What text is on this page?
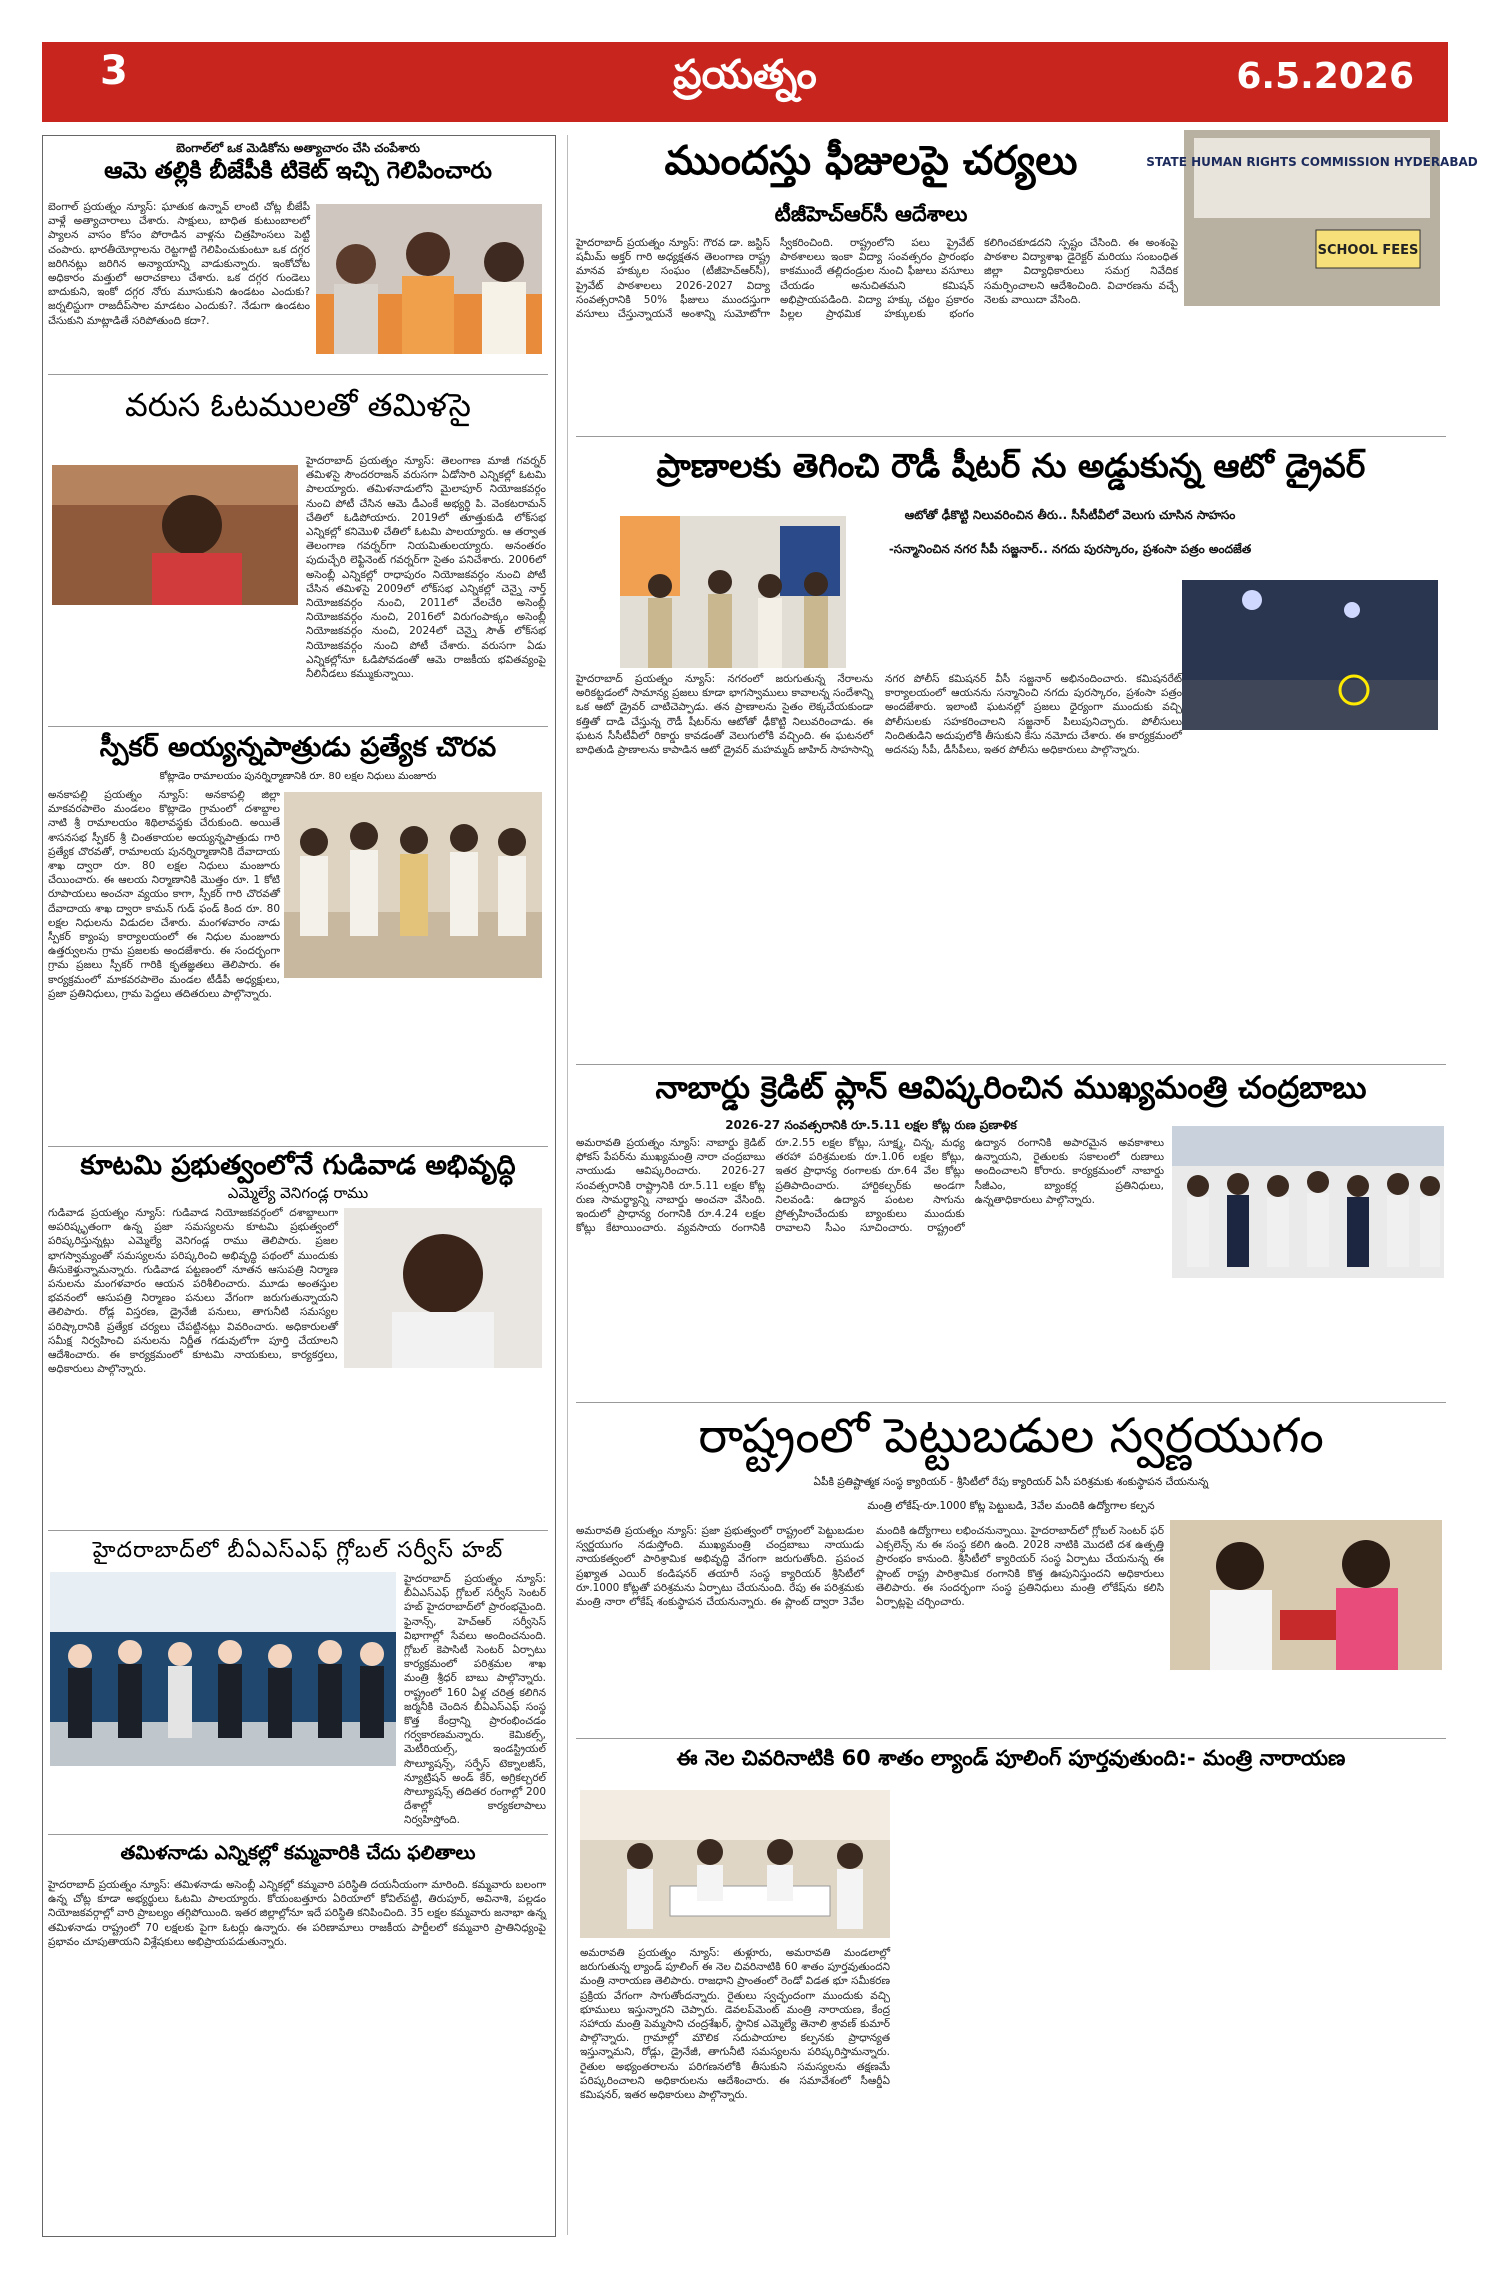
3	ప్రయత్నం	6.5.2026
బెంగాల్‌లో ఒక మెడికోను అత్యాచారం చేసి చంపేశారు
ఆమె తల్లికి బీజేపీకి టికెట్ ఇచ్చి గెలిపించారు
బెంగాల్ ప్రయత్నం న్యూస్: ఘాతుక ఉన్నావ్ లాంటి చోట్ల బీజేపీ వాళ్లే అత్యాచారాలు చేశారు. సాక్షులు, బాధిత కుటుంబాలలో ప్యాలన వాసం కోసం పోరాడిన వాళ్లను చిత్రహింసలు పెట్టి చంపారు. భారతీయోర్గాలను రెట్టగాట్టి గెలిపించుకుంటూ ఒక దగ్గర జరిగినట్లు జరిగిన అన్యాయాన్ని వాడుకున్నారు. ఇంకోచోట అధికారం మత్తులో అరాచకాలు చేశారు. ఒక దగ్గర గుండెలు బాదుకుని, ఇంకో దగ్గర నోరు మూసుకుని ఉండటం ఎందుకు? జర్నలిస్టుగా రాజదీప్‌సాల మాడటం ఎందుకు?. నేడుగా ఉండటం చేసుకుని మాట్లాడితే సరిపోతుంది కదా?.
వరుస ఓటములతో తమిళసై
హైదరాబాద్ ప్రయత్నం న్యూస్: తెలంగాణ మాజీ గవర్నర్ తమిళసై సౌందరరాజన్ వరుసగా ఏడోసారి ఎన్నికల్లో ఓటమి పాలయ్యారు. తమిళనాడులోని మైలాపూర్ నియోజకవర్గం నుంచి పోటీ చేసిన ఆమె డీఎంకే అభ్యర్థి పి. వెంకటరామన్ చేతిలో ఓడిపోయారు. 2019లో తూత్తుకుడి లోక్‌సభ ఎన్నికల్లో కనిమొళి చేతిలో ఓటమి పాలయ్యారు. ఆ తర్వాత తెలంగాణ గవర్నర్‌గా నియమితులయ్యారు. అనంతరం పుదుచ్చేరి లెఫ్టినెంట్ గవర్నర్‌గా సైతం పనిచేశారు. 2006లో అసెంబ్లీ ఎన్నికల్లో రాధాపురం నియోజకవర్గం నుంచి పోటీ చేసిన తమిళసై 2009లో లోక్‌సభ ఎన్నికల్లో చెన్నై నార్త్ నియోజకవర్గం నుంచి, 2011లో వేలచేరి అసెంబ్లీ నియోజకవర్గం నుంచి, 2016లో విరుగంపాక్కం అసెంబ్లీ నియోజకవర్గం నుంచి, 2024లో చెన్నై సౌత్ లోక్‌సభ నియోజకవర్గం నుంచి పోటీ చేశారు. వరుసగా ఏడు ఎన్నికల్లోనూ ఓడిపోవడంతో ఆమె రాజకీయ భవితవ్యంపై నీలినీడలు కమ్ముకున్నాయి.
స్పీకర్ అయ్యన్నపాత్రుడు ప్రత్యేక చొరవ
కోట్లాడెం రామాలయం పునర్నిర్మాణానికి రూ. 80 లక్షల నిధులు మంజూరు
అనకాపల్లి ప్రయత్నం న్యూస్: అనకాపల్లి జిల్లా మాకవరపాలెం మండలం కొట్లాడెం గ్రామంలో దశాబ్దాల నాటి శ్రీ రామాలయం శిథిలావస్థకు చేరుకుంది. అయితే శాసనసభ స్పీకర్ శ్రీ చింతకాయల అయ్యన్నపాత్రుడు గారి ప్రత్యేక చొరవతో, రామాలయ పునర్నిర్మాణానికి దేవాదాయ శాఖ ద్వారా రూ. 80 లక్షల నిధులు మంజూరు చేయించారు. ఈ ఆలయ నిర్మాణానికి మొత్తం రూ. 1 కోటి రూపాయలు అంచనా వ్యయం కాగా, స్పీకర్ గారి చొరవతో దేవాదాయ శాఖ ద్వారా కామన్ గుడ్ ఫండ్ కింద రూ. 80 లక్షల నిధులను విడుదల చేశారు. మంగళవారం నాడు స్పీకర్ క్యాంపు కార్యాలయంలో ఈ నిధుల మంజూరు ఉత్తర్వులను గ్రామ ప్రజలకు అందజేశారు. ఈ సందర్భంగా గ్రామ ప్రజలు స్పీకర్ గారికి కృతజ్ఞతలు తెలిపారు. ఈ కార్యక్రమంలో మాకవరపాలెం మండల టీడీపీ అధ్యక్షులు, ప్రజా ప్రతినిధులు, గ్రామ పెద్దలు తదితరులు పాల్గొన్నారు.
కూటమి ప్రభుత్వంలోనే గుడివాడ అభివృద్ధి
ఎమ్మెల్యే వెనిగండ్ల రాము
గుడివాడ ప్రయత్నం న్యూస్: గుడివాడ నియోజకవర్గంలో దశాబ్దాలుగా అపరిష్కృతంగా ఉన్న ప్రజా సమస్యలను కూటమి ప్రభుత్వంలో పరిష్కరిస్తున్నట్లు ఎమ్మెల్యే వెనిగండ్ల రాము తెలిపారు. ప్రజల భాగస్వామ్యంతో సమస్యలను పరిష్కరించి అభివృద్ధి పథంలో ముందుకు తీసుకెళ్తున్నామన్నారు. గుడివాడ పట్టణంలో నూతన ఆసుపత్రి నిర్మాణ పనులను మంగళవారం ఆయన పరిశీలించారు. మూడు అంతస్తుల భవనంలో ఆసుపత్రి నిర్మాణం పనులు వేగంగా జరుగుతున్నాయని తెలిపారు. రోడ్ల విస్తరణ, డ్రైనేజీ పనులు, తాగునీటి సమస్యల పరిష్కారానికి ప్రత్యేక చర్యలు చేపట్టినట్లు వివరించారు. అధికారులతో సమీక్ష నిర్వహించి పనులను నిర్ణీత గడువులోగా పూర్తి చేయాలని ఆదేశించారు. ఈ కార్యక్రమంలో కూటమి నాయకులు, కార్యకర్తలు, అధికారులు పాల్గొన్నారు.
హైదరాబాద్‌లో బీఏఎస్‌ఎఫ్ గ్లోబల్ సర్వీస్ హబ్
హైదరాబాద్ ప్రయత్నం న్యూస్: బీఏఎస్‌ఎఫ్ గ్లోబల్ సర్వీస్ సెంటర్ హబ్ హైదరాబాద్‌లో ప్రారంభమైంది. ఫైనాన్స్, హెచ్‌ఆర్ సర్వీసెస్ విభాగాల్లో సేవలు అందించనుంది. గ్లోబల్ కెపాసిటీ సెంటర్ ఏర్పాటు కార్యక్రమంలో పరిశ్రమల శాఖ మంత్రి శ్రీధర్ బాబు పాల్గొన్నారు. రాష్ట్రంలో 160 ఏళ్ల చరిత్ర కలిగిన జర్మనీకి చెందిన బీఏఎస్‌ఎఫ్ సంస్థ కొత్త కేంద్రాన్ని ప్రారంభించడం గర్వకారణమన్నారు. కెమికల్స్, మెటీరియల్స్, ఇండస్ట్రియల్ సొల్యూషన్స్, సర్ఫేస్ టెక్నాలజీస్, న్యూట్రిషన్ అండ్ కేర్, అగ్రికల్చరల్ సొల్యూషన్స్ తదితర రంగాల్లో 200 దేశాల్లో కార్యకలాపాలు నిర్వహిస్తోంది.
తమిళనాడు ఎన్నికల్లో కమ్మవారికి చేదు ఫలితాలు
హైదరాబాద్ ప్రయత్నం న్యూస్: తమిళనాడు అసెంబ్లీ ఎన్నికల్లో కమ్మవారి పరిస్థితి దయనీయంగా మారింది. కమ్మవారు బలంగా ఉన్న చోట్ల కూడా అభ్యర్థులు ఓటమి పాలయ్యారు. కోయంబత్తూరు ఏరియాలో కోవిల్‌పట్టి, తిరుపూర్, అవినాశి, పల్లడం నియోజకవర్గాల్లో వారి ప్రాబల్యం తగ్గిపోయింది. ఇతర జిల్లాల్లోనూ ఇదే పరిస్థితి కనిపించింది. 35 లక్షల కమ్మవారు జనాభా ఉన్న తమిళనాడు రాష్ట్రంలో 70 లక్షలకు పైగా ఓటర్లు ఉన్నారు. ఈ పరిణామాలు రాజకీయ పార్టీలలో కమ్మవారి ప్రాతినిధ్యంపై ప్రభావం చూపుతాయని విశ్లేషకులు అభిప్రాయపడుతున్నారు.
ముందస్తు ఫీజులపై చర్యలు
టీజీహెచ్‌ఆర్‌సీ ఆదేశాలు
STATE HUMAN RIGHTS COMMISSION HYDERABAD
SCHOOL FEES
హైదరాబాద్ ప్రయత్నం న్యూస్: గౌరవ డా. జస్టిస్ షమీమ్ అక్తర్ గారి అధ్యక్షతన తెలంగాణ రాష్ట్ర మానవ హక్కుల సంఘం (టీజీహెచ్‌ఆర్‌సీ), ప్రైవేట్ పాఠశాలలు 2026-2027 విద్యా సంవత్సరానికి 50% ఫీజులు ముందస్తుగా వసూలు చేస్తున్నాయనే అంశాన్ని సుమోటోగా స్వీకరించింది. రాష్ట్రంలోని పలు ప్రైవేట్ పాఠశాలలు ఇంకా విద్యా సంవత్సరం ప్రారంభం కాకముందే తల్లిదండ్రుల నుంచి ఫీజులు వసూలు చేయడం అనుచితమని కమిషన్ అభిప్రాయపడింది. విద్యా హక్కు చట్టం ప్రకారం పిల్లల ప్రాథమిక హక్కులకు భంగం కలిగించకూడదని స్పష్టం చేసింది. ఈ అంశంపై పాఠశాల విద్యాశాఖ డైరెక్టర్ మరియు సంబంధిత జిల్లా విద్యాధికారులు సమగ్ర నివేదిక సమర్పించాలని ఆదేశించింది. విచారణను వచ్చే నెలకు వాయిదా వేసింది.
ప్రాణాలకు తెగించి రౌడీ షీటర్ ను అడ్డుకున్న ఆటో డ్రైవర్
ఆటోతో ఢీకొట్టి నిలువరించిన తీరు.. సీసీటీవీలో వెలుగు చూసిన సాహసం
-సన్మానించిన నగర సీపీ సజ్జనార్.. నగదు పురస్కారం, ప్రశంసా పత్రం అందజేత
హైదరాబాద్ ప్రయత్నం న్యూస్: నగరంలో జరుగుతున్న నేరాలను అరికట్టడంలో సామాన్య ప్రజలు కూడా భాగస్వాములు కావాలన్న సందేశాన్ని ఒక ఆటో డ్రైవర్ చాటిచెప్పాడు. తన ప్రాణాలను సైతం లెక్కచేయకుండా కత్తితో దాడి చేస్తున్న రౌడీ షీటర్‌ను ఆటోతో ఢీకొట్టి నిలువరించాడు. ఈ ఘటన సీసీటీవీలో రికార్డు కావడంతో వెలుగులోకి వచ్చింది. ఈ ఘటనలో బాధితుడి ప్రాణాలను కాపాడిన ఆటో డ్రైవర్ మహమ్మద్ జాహిద్ సాహసాన్ని నగర పోలీస్ కమిషనర్ వీసీ సజ్జనార్ అభినందించారు. కమిషనరేట్ కార్యాలయంలో ఆయనను సన్మానించి నగదు పురస్కారం, ప్రశంసా పత్రం అందజేశారు. ఇలాంటి ఘటనల్లో ప్రజలు ధైర్యంగా ముందుకు వచ్చి పోలీసులకు సహకరించాలని సజ్జనార్ పిలుపునిచ్చారు. పోలీసులు నిందితుడిని అదుపులోకి తీసుకుని కేసు నమోదు చేశారు. ఈ కార్యక్రమంలో అదనపు సీపీ, డీసీపీలు, ఇతర పోలీసు అధికారులు పాల్గొన్నారు.
నాబార్డు క్రెడిట్ ప్లాన్ ఆవిష్కరించిన ముఖ్యమంత్రి చంద్రబాబు
2026-27 సంవత్సరానికి రూ.5.11 లక్షల కోట్ల రుణ ప్రణాళిక
అమరావతి ప్రయత్నం న్యూస్: నాబార్డు క్రెడిట్ ఫోకస్ పేపర్‌ను ముఖ్యమంత్రి నారా చంద్రబాబు నాయుడు ఆవిష్కరించారు. 2026-27 సంవత్సరానికి రాష్ట్రానికి రూ.5.11 లక్షల కోట్ల రుణ సామర్థ్యాన్ని నాబార్డు అంచనా వేసింది. ఇందులో ప్రాధాన్య రంగానికి రూ.4.24 లక్షల కోట్లు కేటాయించారు. వ్యవసాయ రంగానికి రూ.2.55 లక్షల కోట్లు, సూక్ష్మ, చిన్న, మధ్య తరహా పరిశ్రమలకు రూ.1.06 లక్షల కోట్లు, ఇతర ప్రాధాన్య రంగాలకు రూ.64 వేల కోట్లు ప్రతిపాదించారు. హార్టికల్చర్‌కు అండగా నిలవండి: ఉద్యాన పంటల సాగును ప్రోత్సహించేందుకు బ్యాంకులు ముందుకు రావాలని సీఎం సూచించారు. రాష్ట్రంలో ఉద్యాన రంగానికి అపారమైన అవకాశాలు ఉన్నాయని, రైతులకు సకాలంలో రుణాలు అందించాలని కోరారు. కార్యక్రమంలో నాబార్డు సీజీఎం, బ్యాంకర్ల ప్రతినిధులు, ఉన్నతాధికారులు పాల్గొన్నారు.
రాష్ట్రంలో పెట్టుబడుల స్వర్ణయుగం
ఏపీకి ప్రతిష్టాత్మక సంస్థ క్యారియర్ - శ్రీసిటీలో రేపు క్యారియర్ ఏసీ పరిశ్రమకు శంకుస్థాపన చేయనున్న
మంత్రి లోకేష్-రూ.1000 కోట్ల పెట్టుబడి, 3వేల మందికి ఉద్యోగాల కల్పన
అమరావతి ప్రయత్నం న్యూస్: ప్రజా ప్రభుత్వంలో రాష్ట్రంలో పెట్టుబడుల స్వర్ణయుగం నడుస్తోంది. ముఖ్యమంత్రి చంద్రబాబు నాయుడు నాయకత్వంలో పారిశ్రామిక అభివృద్ధి వేగంగా జరుగుతోంది. ప్రపంచ ప్రఖ్యాత ఎయిర్ కండిషనర్ తయారీ సంస్థ క్యారియర్ శ్రీసిటీలో రూ.1000 కోట్లతో పరిశ్రమను ఏర్పాటు చేయనుంది. రేపు ఈ పరిశ్రమకు మంత్రి నారా లోకేష్ శంకుస్థాపన చేయనున్నారు. ఈ ప్లాంట్ ద్వారా 3వేల మందికి ఉద్యోగాలు లభించనున్నాయి. హైదరాబాద్‌లో గ్లోబల్ సెంటర్ ఫర్ ఎక్సలెన్స్ ను ఈ సంస్థ కలిగి ఉంది. 2028 నాటికి మొదటి దశ ఉత్పత్తి ప్రారంభం కానుంది. శ్రీసిటీలో క్యారియర్ సంస్థ ఏర్పాటు చేయనున్న ఈ ప్లాంట్ రాష్ట్ర పారిశ్రామిక రంగానికి కొత్త ఊపునిస్తుందని అధికారులు తెలిపారు. ఈ సందర్భంగా సంస్థ ప్రతినిధులు మంత్రి లోకేష్‌ను కలిసి ఏర్పాట్లపై చర్చించారు.
ఈ నెల చివరినాటికి 60 శాతం ల్యాండ్ పూలింగ్ పూర్తవుతుంది:- మంత్రి నారాయణ
అమరావతి ప్రయత్నం న్యూస్: తుళ్లూరు, అమరావతి మండలాల్లో జరుగుతున్న ల్యాండ్ పూలింగ్ ఈ నెల చివరినాటికి 60 శాతం పూర్తవుతుందని మంత్రి నారాయణ తెలిపారు. రాజధాని ప్రాంతంలో రెండో విడత భూ సమీకరణ ప్రక్రియ వేగంగా సాగుతోందన్నారు. రైతులు స్వచ్ఛందంగా ముందుకు వచ్చి భూములు ఇస్తున్నారని చెప్పారు. డెవలప్‌మెంట్ మంత్రి నారాయణ, కేంద్ర సహాయ మంత్రి పెమ్మసాని చంద్రశేఖర్, స్థానిక ఎమ్మెల్యే తెనాలి శ్రావణ్ కుమార్ పాల్గొన్నారు. గ్రామాల్లో మౌలిక సదుపాయాల కల్పనకు ప్రాధాన్యత ఇస్తున్నామని, రోడ్లు, డ్రైనేజీ, తాగునీటి సమస్యలను పరిష్కరిస్తామన్నారు. రైతుల అభ్యంతరాలను పరిగణనలోకి తీసుకుని సమస్యలను తక్షణమే పరిష్కరించాలని అధికారులను ఆదేశించారు. ఈ సమావేశంలో సీఆర్డీఏ కమిషనర్, ఇతర అధికారులు పాల్గొన్నారు.
